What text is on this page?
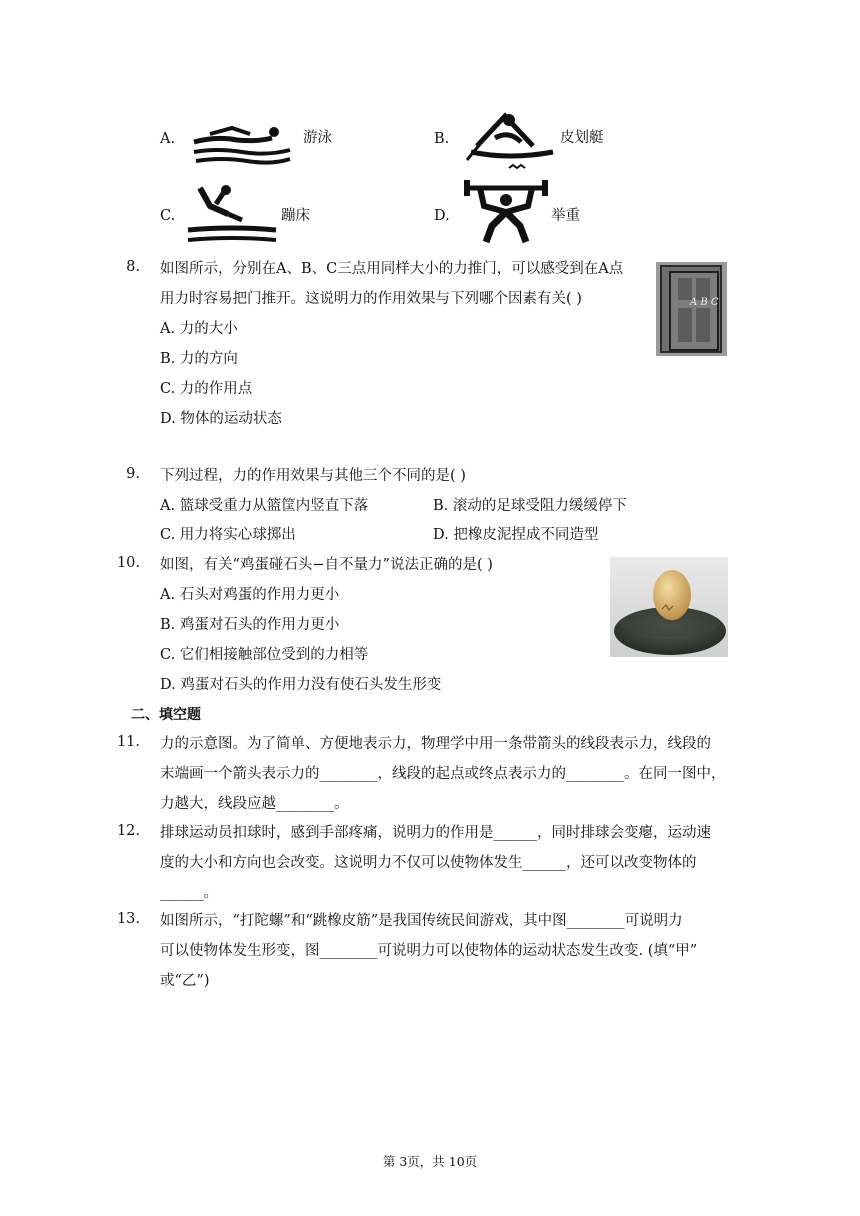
A.	游泳	B.	皮划艇
C.	蹦床	D.	举重
8. 如图所示，分别在A、B、C三点用同样大小的力推门，可以感受到在A点
用力时容易把门推开。这说明力的作用效果与下列哪个因素有关( )
A. 力的大小
B. 力的方向
C. 力的作用点
D. 物体的运动状态
A B C
9. 下列过程，力的作用效果与其他三个不同的是( )
A. 篮球受重力从篮筐内竖直下落	B. 滚动的足球受阻力缓缓停下
C. 用力将实心球掷出	D. 把橡皮泥捏成不同造型
10. 如图，有关“鸡蛋碰石头−自不量力”说法正确的是( )
A. 石头对鸡蛋的作用力更小
B. 鸡蛋对石头的作用力更小
C. 它们相接触部位受到的力相等
D. 鸡蛋对石头的作用力没有使石头发生形变
二、填空题
11. 力的示意图。为了简单、方便地表示力，物理学中用一条带箭头的线段表示力，线段的
末端画一个箭头表示力的________，线段的起点或终点表示力的________。在同一图中，
力越大，线段应越________。
12. 排球运动员扣球时，感到手部疼痛，说明力的作用是______，同时排球会变瘪，运动速
度的大小和方向也会改变。这说明力不仅可以使物体发生______，还可以改变物体的
______。
13. 如图所示，“打陀螺”和“跳橡皮筋”是我国传统民间游戏，其中图________可说明力
可以使物体发生形变，图________可说明力可以使物体的运动状态发生改变. (填“甲”
或“乙”)
第 3页，共 10页
